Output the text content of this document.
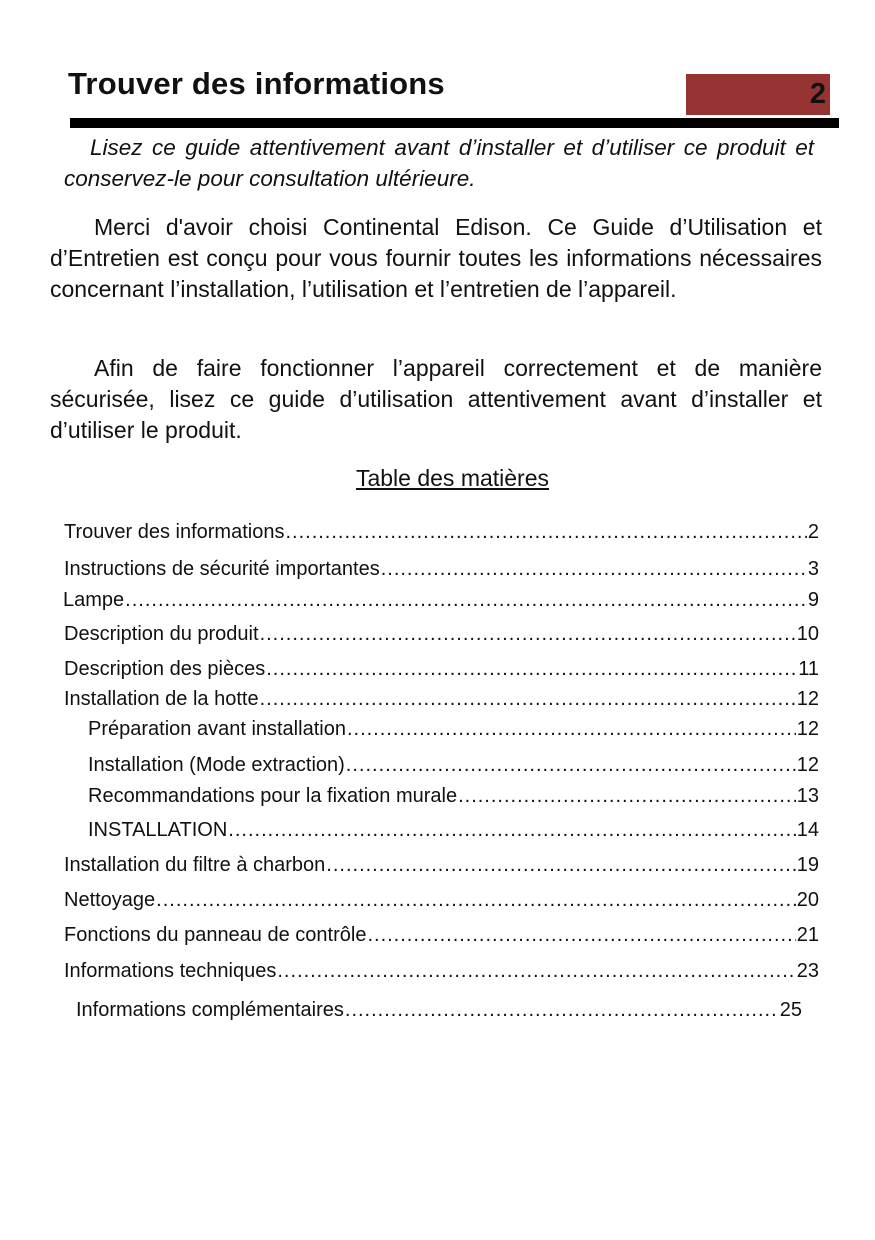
Trouver des informations	2

Lisez ce guide attentivement avant d’installer et d’utiliser ce produit et conservez-le pour consultation ultérieure.

Merci d'avoir choisi Continental Edison. Ce Guide d’Utilisation et d’Entretien est conçu pour vous fournir toutes les informations nécessaires concernant l’installation, l’utilisation et l’entretien de l’appareil.

Afin de faire fonctionner l’appareil correctement et de manière sécurisée, lisez ce guide d’utilisation attentivement avant d’installer et d’utiliser le produit.

Table des matières
Trouver des informations .....	2
Instructions de sécurité importantes .....	3
Lampe .....	9
Description du produit .....	10
Description des pièces .....	11
Installation de la hotte .....	12
Préparation avant installation .....	12
Installation (Mode extraction) .....	12
Recommandations pour la fixation murale .....	13
INSTALLATION .....	14
Installation du filtre à charbon .....	19
Nettoyage .....	20
Fonctions du panneau de contrôle .....	21
Informations techniques .....	23
Informations complémentaires .....	25
